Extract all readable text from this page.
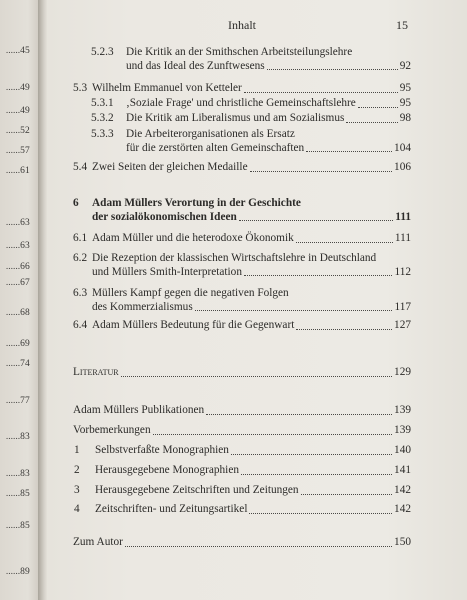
...... 45
...... 49
...... 49
...... 52
...... 57
...... 61
...... 63
...... 63
...... 66
...... 67
...... 68
...... 69
...... 74
...... 77
...... 83
...... 83
...... 85
...... 85
...... 89
Inhalt	15
5.2.3 Die Kritik an der Smithschen Arbeitsteilungslehre
und das Ideal des Zunftwesens	92
5.3 Wilhelm Emmanuel von Ketteler	95
5.3.1 ‚Soziale Frage' und christliche Gemeinschaftslehre	95
5.3.2 Die Kritik am Liberalismus und am Sozialismus	98
5.3.3 Die Arbeiterorganisationen als Ersatz
für die zerstörten alten Gemeinschaften	104
5.4 Zwei Seiten der gleichen Medaille	106
6 Adam Müllers Verortung in der Geschichte
der sozialökonomischen Ideen	111
6.1 Adam Müller und die heterodoxe Ökonomik	111
6.2 Die Rezeption der klassischen Wirtschaftslehre in Deutschland
und Müllers Smith-Interpretation	112
6.3 Müllers Kampf gegen die negativen Folgen
des Kommerzialismus	117
6.4 Adam Müllers Bedeutung für die Gegenwart	127
Literatur	129
Adam Müllers Publikationen	139
Vorbemerkungen	139
1 Selbstverfaßte Monographien	140
2 Herausgegebene Monographien	141
3 Herausgegebene Zeitschriften und Zeitungen	142
4 Zeitschriften- und Zeitungsartikel	142
Zum Autor	150
